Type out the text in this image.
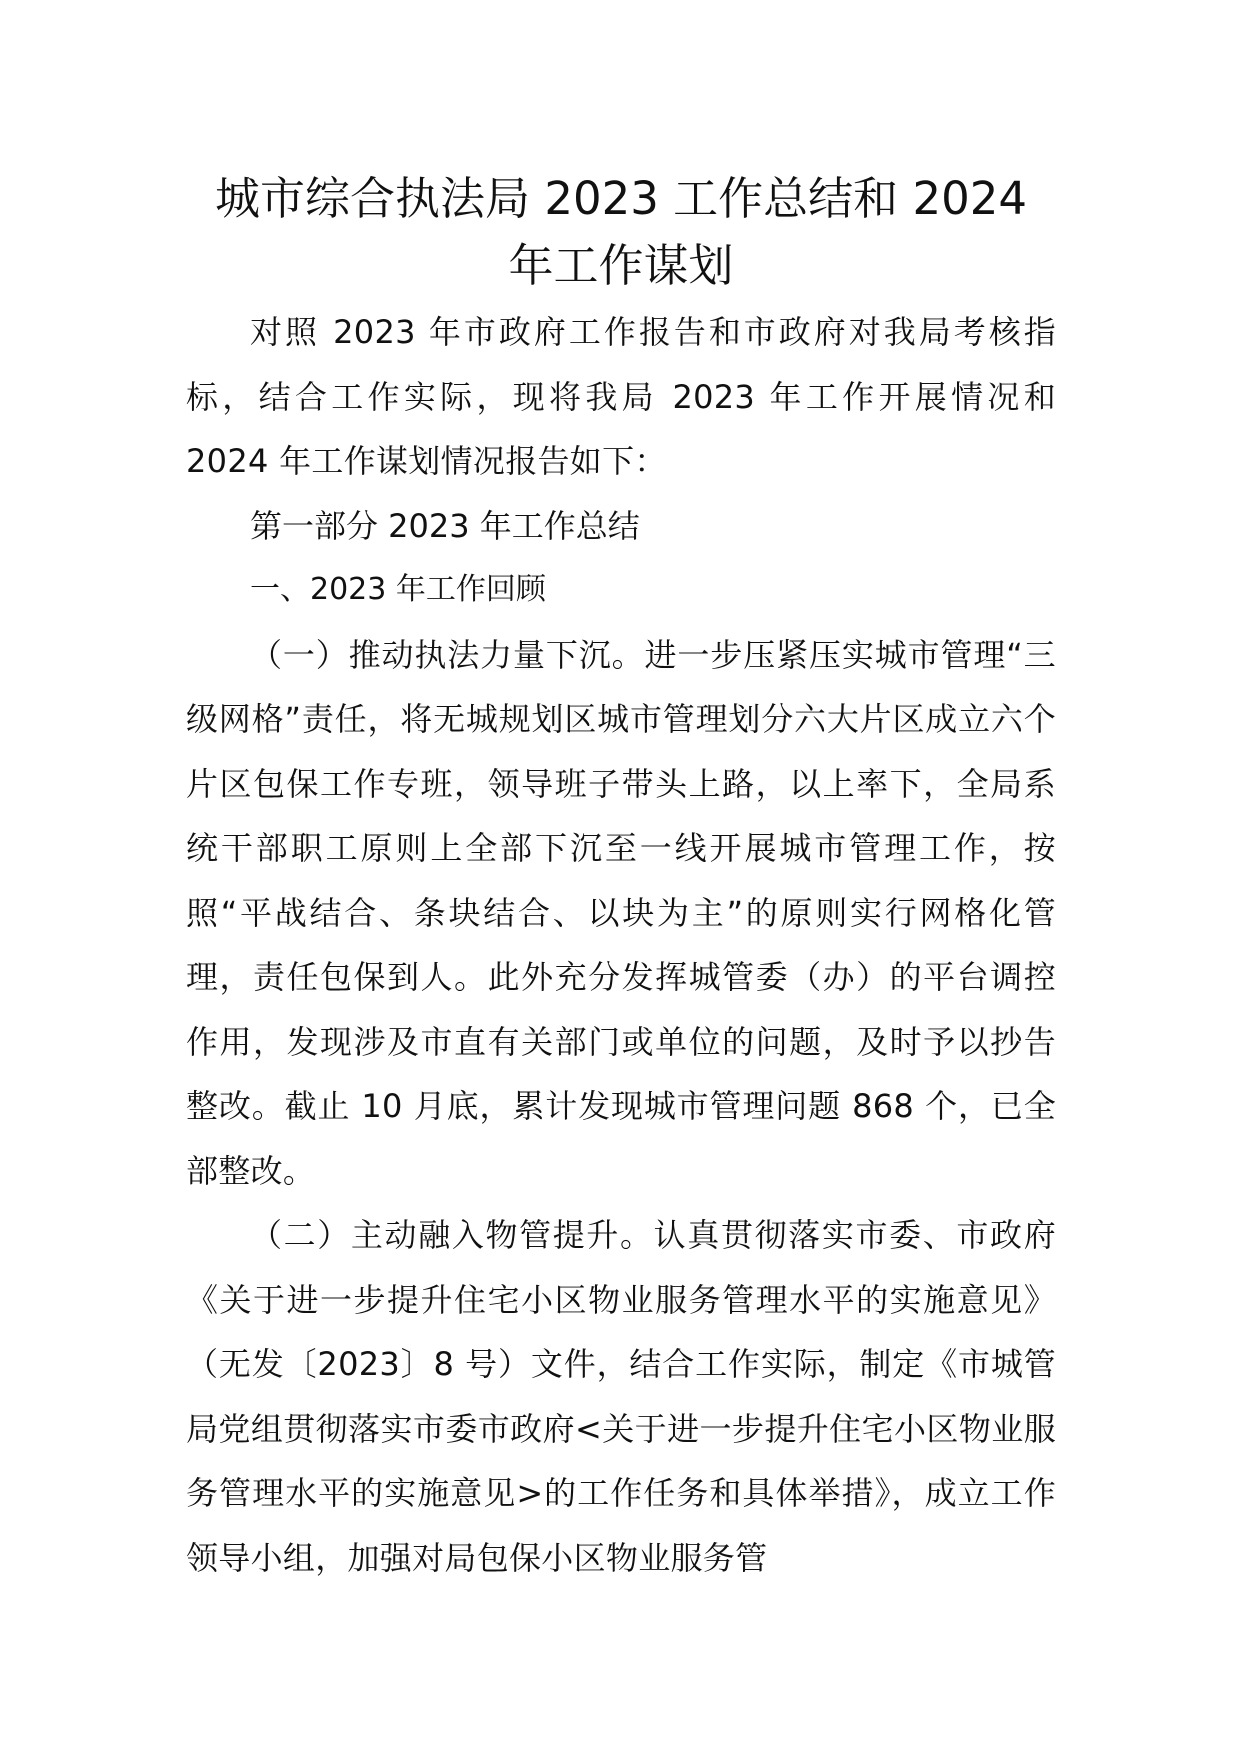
城市综合执法局 2023 工作总结和 2024
年工作谋划

对照 2023 年市政府工作报告和市政府对我局考核指标，结合工作实际，现将我局 2023 年工作开展情况和 2024 年工作谋划情况报告如下：

第一部分 2023 年工作总结

一、2023 年工作回顾

（一）推动执法力量下沉。进一步压紧压实城市管理“三级网格”责任，将无城规划区城市管理划分六大片区成立六个片区包保工作专班，领导班子带头上路，以上率下，全局系统干部职工原则上全部下沉至一线开展城市管理工作，按照“平战结合、条块结合、以块为主”的原则实行网格化管理，责任包保到人。此外充分发挥城管委（办）的平台调控作用，发现涉及市直有关部门或单位的问题，及时予以抄告整改。截止 10 月底，累计发现城市管理问题 868 个，已全部整改。

（二）主动融入物管提升。认真贯彻落实市委、市政府《关于进一步提升住宅小区物业服务管理水平的实施意见》（无发〔2023〕8 号）文件，结合工作实际，制定《市城管局党组贯彻落实市委市政府<关于进一步提升住宅小区物业服务管理水平的实施意见>的工作任务和具体举措》，成立工作领导小组，加强对局包保小区物业服务管
